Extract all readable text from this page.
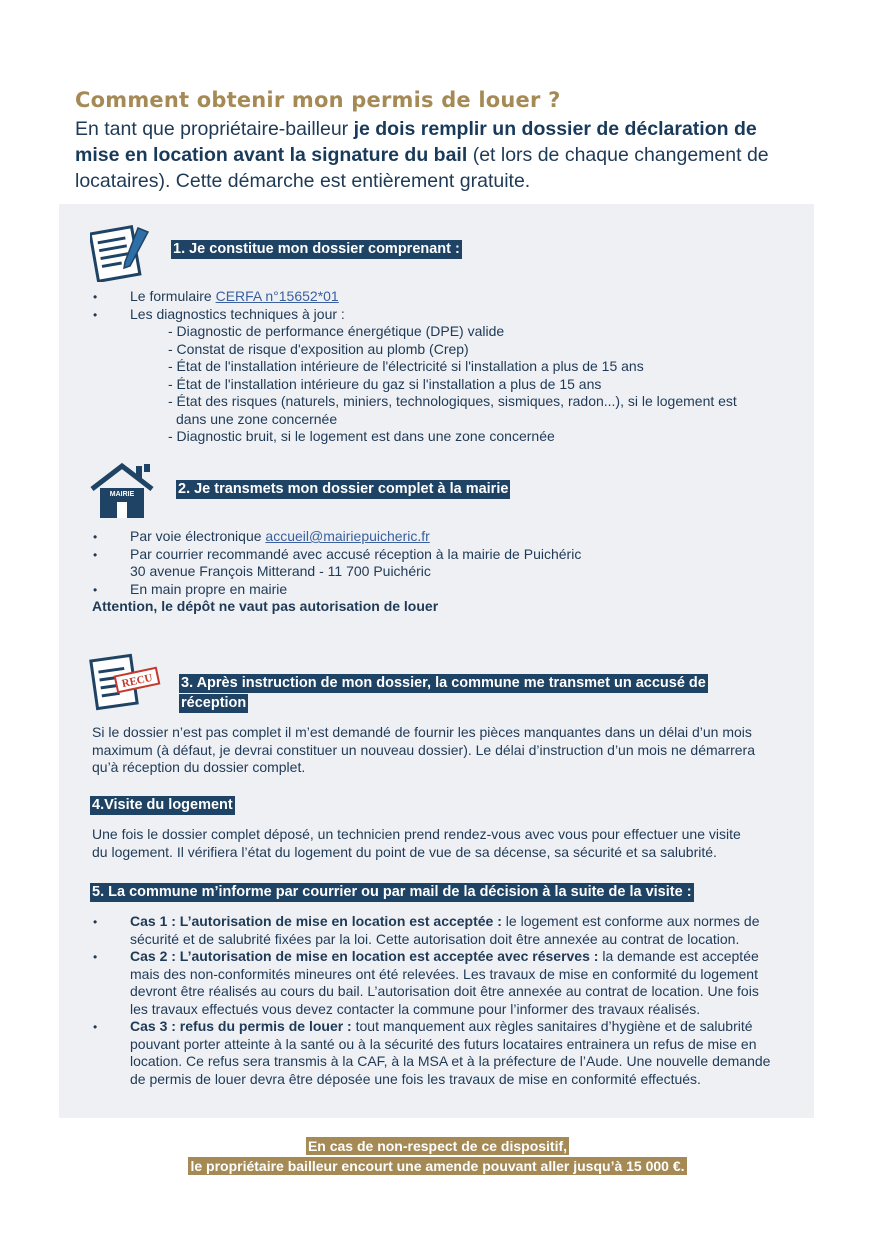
Comment obtenir mon permis de louer ?
En tant que propriétaire-bailleur je dois remplir un dossier de déclaration de mise en location avant la signature du bail (et lors de chaque changement de locataires). Cette démarche est entièrement gratuite.
1. Je constitue mon dossier comprenant :
• Le formulaire CERFA n°15652*01
• Les diagnostics techniques à jour :
- Diagnostic de performance énergétique (DPE) valide
- Constat de risque d'exposition au plomb (Crep)
- État de l'installation intérieure de l'électricité si l'installation a plus de 15 ans
- État de l'installation intérieure du gaz si l'installation a plus de 15 ans
- État des risques (naturels, miniers, technologiques, sismiques, radon...), si le logement est
dans une zone concernée
- Diagnostic bruit, si le logement est dans une zone concernée
MAIRIE	2. Je transmets mon dossier complet à la mairie
• Par voie électronique accueil@mairiepuicheric.fr
• Par courrier recommandé avec accusé réception à la mairie de Puichéric
30 avenue François Mitterand - 11 700 Puichéric
• En main propre en mairie
Attention, le dépôt ne vaut pas autorisation de louer
RECU 3. Après instruction de mon dossier, la commune me transmet un accusé de
réception
Si le dossier n’est pas complet il m’est demandé de fournir les pièces manquantes dans un délai d’un mois
maximum (à défaut, je devrai constituer un nouveau dossier). Le délai d’instruction d’un mois ne démarrera
qu’à réception du dossier complet.
4.Visite du logement
Une fois le dossier complet déposé, un technicien prend rendez-vous avec vous pour effectuer une visite
du logement. Il vérifiera l’état du logement du point de vue de sa décense, sa sécurité et sa salubrité.
5. La commune m’informe par courrier ou par mail de la décision à la suite de la visite :
• Cas 1 : L’autorisation de mise en location est acceptée : le logement est conforme aux normes de
sécurité et de salubrité fixées par la loi. Cette autorisation doit être annexée au contrat de location.
• Cas 2 : L’autorisation de mise en location est acceptée avec réserves : la demande est acceptée
mais des non-conformités mineures ont été relevées. Les travaux de mise en conformité du logement
devront être réalisés au cours du bail. L’autorisation doit être annexée au contrat de location. Une fois
les travaux effectués vous devez contacter la commune pour l’informer des travaux réalisés.
• Cas 3 : refus du permis de louer : tout manquement aux règles sanitaires d’hygiène et de salubrité
pouvant porter atteinte à la santé ou à la sécurité des futurs locataires entrainera un refus de mise en
location. Ce refus sera transmis à la CAF, à la MSA et à la préfecture de l’Aude. Une nouvelle demande
de permis de louer devra être déposée une fois les travaux de mise en conformité effectués.
En cas de non-respect de ce dispositif,
le propriétaire bailleur encourt une amende pouvant aller jusqu’à 15 000 €.
